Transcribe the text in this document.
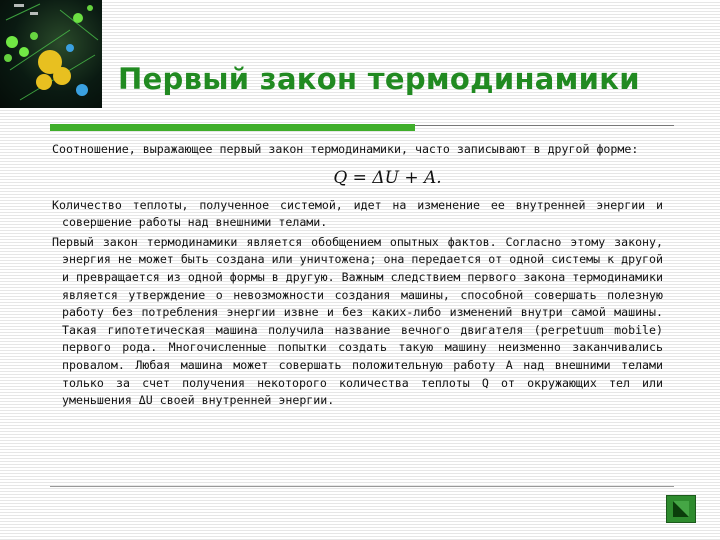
Первый закон термодинамики

Соотношение, выражающее первый закон термодинамики, часто записывают в другой форме:

Q = ΔU + A.

Количество теплоты, полученное системой, идет на изменение ее внутренней энергии и совершение работы над внешними телами.

Первый закон термодинамики является обобщением опытных фактов. Согласно этому закону, энергия не может быть создана или уничтожена; она передается от одной системы к другой и превращается из одной формы в другую. Важным следствием первого закона термодинамики является утверждение о невозможности создания машины, способной совершать полезную работу без потребления энергии извне и без каких-либо изменений внутри самой машины. Такая гипотетическая машина получила название вечного двигателя (perpetuum mobile) первого рода. Многочисленные попытки создать такую машину неизменно заканчивались провалом. Любая машина может совершать положительную работу A над внешними телами только за счет получения некоторого количества теплоты Q от окружающих тел или уменьшения ΔU своей внутренней энергии.
